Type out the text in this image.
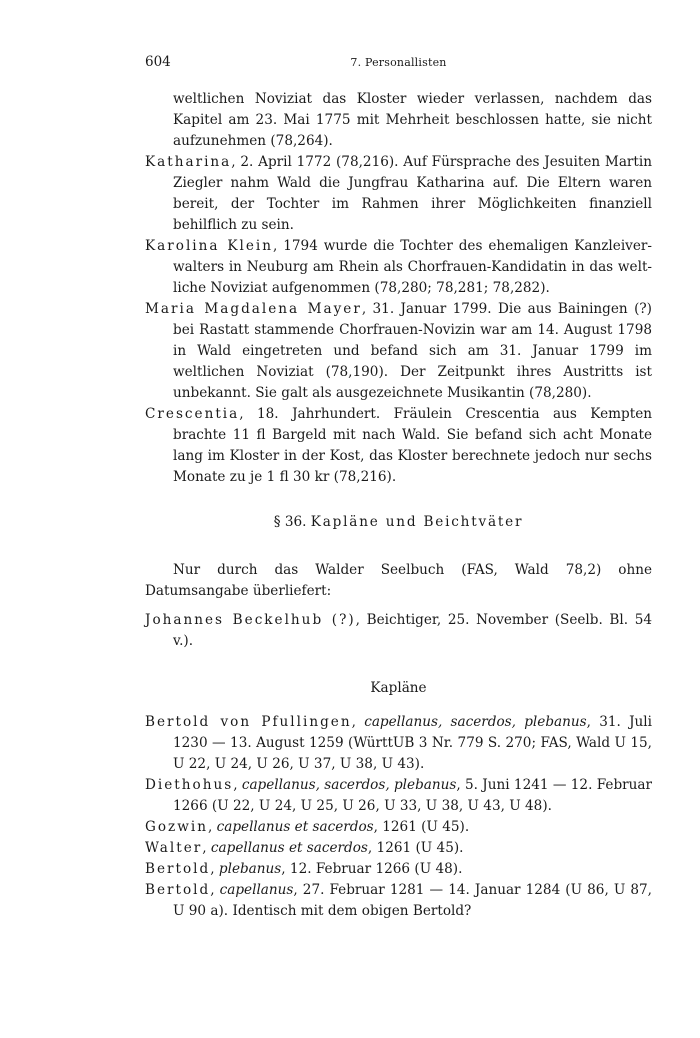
604	7. Personallisten

weltlichen Noviziat das Kloster wieder verlassen, nachdem das Kapitel am 23. Mai 1775 mit Mehrheit beschlossen hatte, sie nicht aufzunehmen (78,264).

Katharina, 2. April 1772 (78,216). Auf Fürsprache des Jesuiten Martin Ziegler nahm Wald die Jungfrau Katharina auf. Die Eltern waren bereit, der Tochter im Rahmen ihrer Möglichkeiten finanziell behilflich zu sein.

Karolina Klein, 1794 wurde die Tochter des ehemaligen Kanzleiverwalters in Neuburg am Rhein als Chorfrauen-Kandidatin in das weltliche Noviziat aufgenommen (78,280; 78,281; 78,282).

Maria Magdalena Mayer, 31. Januar 1799. Die aus Bainingen (?) bei Rastatt stammende Chorfrauen-Novizin war am 14. August 1798 in Wald eingetreten und befand sich am 31. Januar 1799 im weltlichen Noviziat (78,190). Der Zeitpunkt ihres Austritts ist unbekannt. Sie galt als ausgezeichnete Musikantin (78,280).

Crescentia, 18. Jahrhundert. Fräulein Crescentia aus Kempten brachte 11 fl Bargeld mit nach Wald. Sie befand sich acht Monate lang im Kloster in der Kost, das Kloster berechnete jedoch nur sechs Monate zu je 1 fl 30 kr (78,216).

§ 36. Kapläne und Beichtväter

Nur durch das Walder Seelbuch (FAS, Wald 78,2) ohne Datumsangabe überliefert:

Johannes Beckelhub (?), Beichtiger, 25. November (Seelb. Bl. 54 v.).

Kapläne

Bertold von Pfullingen, capellanus, sacerdos, plebanus, 31. Juli 1230 — 13. August 1259 (WürttUB 3 Nr. 779 S. 270; FAS, Wald U 15, U 22, U 24, U 26, U 37, U 38, U 43).

Diethohus, capellanus, sacerdos, plebanus, 5. Juni 1241 — 12. Februar 1266 (U 22, U 24, U 25, U 26, U 33, U 38, U 43, U 48).

Gozwin, capellanus et sacerdos, 1261 (U 45).

Walter, capellanus et sacerdos, 1261 (U 45).

Bertold, plebanus, 12. Februar 1266 (U 48).

Bertold, capellanus, 27. Februar 1281 — 14. Januar 1284 (U 86, U 87, U 90 a). Identisch mit dem obigen Bertold?
